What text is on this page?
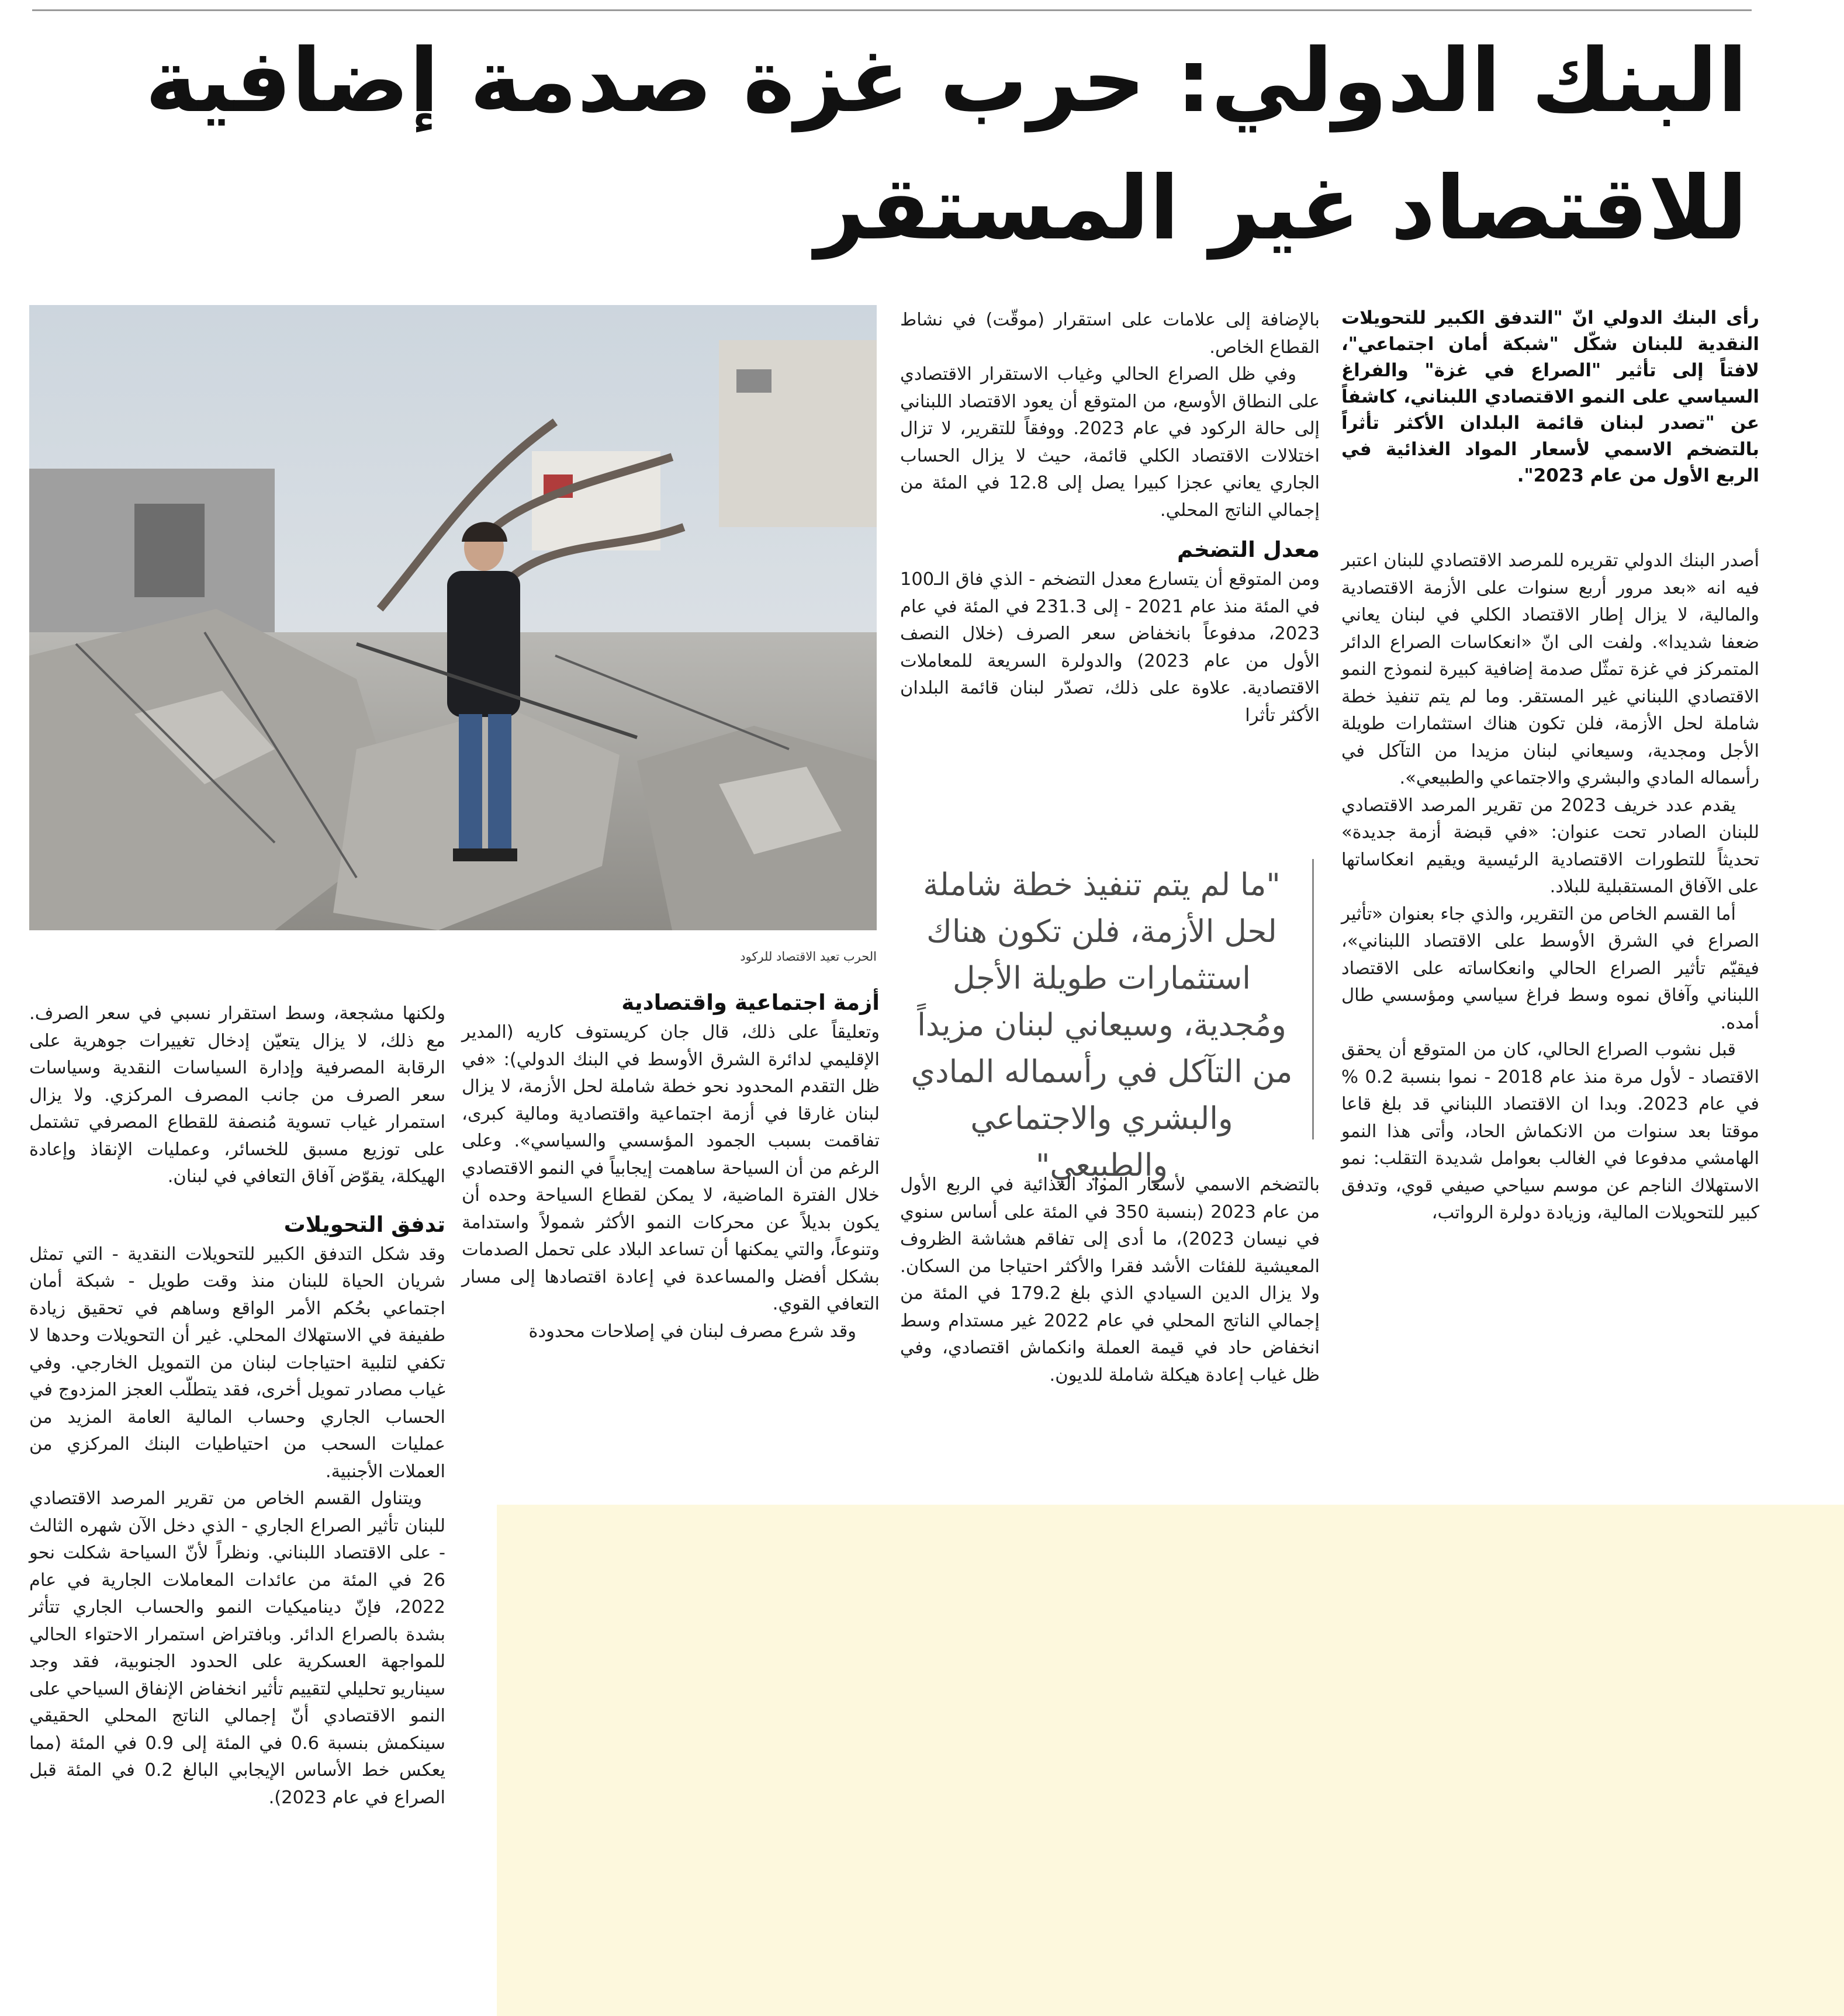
البنك الدولي: حرب غزة صدمة إضافية للاقتصاد غير المستقر

رأى البنك الدولي انّ "التدفق الكبير للتحويلات النقدية للبنان شكّل "شبكة أمان اجتماعي"، لافتاً إلى تأثير "الصراع في غزة" والفراغ السياسي على النمو الاقتصادي اللبناني، كاشفاً عن "تصدر لبنان قائمة البلدان الأكثر تأثراً بالتضخم الاسمي لأسعار المواد الغذائية في الربع الأول من عام 2023".

أصدر البنك الدولي تقريره للمرصد الاقتصادي للبنان اعتبر فيه انه «بعد مرور أربع سنوات على الأزمة الاقتصادية والمالية، لا يزال إطار الاقتصاد الكلي في لبنان يعاني ضعفا شديدا». ولفت الى انّ «انعكاسات الصراع الدائر المتمركز في غزة تمثّل صدمة إضافية كبيرة لنموذج النمو الاقتصادي اللبناني غير المستقر. وما لم يتم تنفيذ خطة شاملة لحل الأزمة، فلن تكون هناك استثمارات طويلة الأجل ومجدية، وسيعاني لبنان مزيدا من التآكل في رأسماله المادي والبشري والاجتماعي والطبيعي».

يقدم عدد خريف 2023 من تقرير المرصد الاقتصادي للبنان الصادر تحت عنوان: «في قبضة أزمة جديدة» تحديثاً للتطورات الاقتصادية الرئيسية ويقيم انعكاساتها على الآفاق المستقبلية للبلاد.

أما القسم الخاص من التقرير، والذي جاء بعنوان «تأثير الصراع في الشرق الأوسط على الاقتصاد اللبناني»، فيقيّم تأثير الصراع الحالي وانعكاساته على الاقتصاد اللبناني وآفاق نموه وسط فراغ سياسي ومؤسسي طال أمده.

قبل نشوب الصراع الحالي، كان من المتوقع أن يحقق الاقتصاد - لأول مرة منذ عام 2018 - نموا بنسبة 0.2 % في عام 2023. وبدا ان الاقتصاد اللبناني قد بلغ قاعا موقتا بعد سنوات من الانكماش الحاد، وأتى هذا النمو الهامشي مدفوعا في الغالب بعوامل شديدة التقلب: نمو الاستهلاك الناجم عن موسم سياحي صيفي قوي، وتدفق كبير للتحويلات المالية، وزيادة دولرة الرواتب،

بالإضافة إلى علامات على استقرار (موقّت) في نشاط القطاع الخاص.

وفي ظل الصراع الحالي وغياب الاستقرار الاقتصادي على النطاق الأوسع، من المتوقع أن يعود الاقتصاد اللبناني إلى حالة الركود في عام 2023. ووفقاً للتقرير، لا تزال اختلالات الاقتصاد الكلي قائمة، حيث لا يزال الحساب الجاري يعاني عجزا كبيرا يصل إلى 12.8 في المئة من إجمالي الناتج المحلي.

معدل التضخم

ومن المتوقع أن يتسارع معدل التضخم - الذي فاق الـ100 في المئة منذ عام 2021 - إلى 231.3 في المئة في عام 2023، مدفوعاً بانخفاض سعر الصرف (خلال النصف الأول من عام 2023) والدولرة السريعة للمعاملات الاقتصادية. علاوة على ذلك، تصدّر لبنان قائمة البلدان الأكثر تأثرا

"ما لم يتم تنفيذ خطة شاملة لحل الأزمة، فلن تكون هناك استثمارات طويلة الأجل ومُجدية، وسيعاني لبنان مزيداً من التآكل في رأسماله المادي والبشري والاجتماعي والطبيعي"

بالتضخم الاسمي لأسعار المواد الغذائية في الربع الأول من عام 2023 (بنسبة 350 في المئة على أساس سنوي في نيسان 2023)، ما أدى إلى تفاقم هشاشة الظروف المعيشية للفئات الأشد فقرا والأكثر احتياجا من السكان. ولا يزال الدين السيادي الذي بلغ 179.2 في المئة من إجمالي الناتج المحلي في عام 2022 غير مستدام وسط انخفاض حاد في قيمة العملة وانكماش اقتصادي، وفي ظل غياب إعادة هيكلة شاملة للديون.

الحرب تعيد الاقتصاد للركود

أزمة اجتماعية واقتصادية

وتعليقاً على ذلك، قال جان كريستوف كاريه (المدير الإقليمي لدائرة الشرق الأوسط في البنك الدولي): «في ظل التقدم المحدود نحو خطة شاملة لحل الأزمة، لا يزال لبنان غارقا في أزمة اجتماعية واقتصادية ومالية كبرى، تفاقمت بسبب الجمود المؤسسي والسياسي». وعلى الرغم من أن السياحة ساهمت إيجابياً في النمو الاقتصادي خلال الفترة الماضية، لا يمكن لقطاع السياحة وحده أن يكون بديلاً عن محركات النمو الأكثر شمولاً واستدامة وتنوعاً، والتي يمكنها أن تساعد البلاد على تحمل الصدمات بشكل أفضل والمساعدة في إعادة اقتصادها إلى مسار التعافي القوي.

وقد شرع مصرف لبنان في إصلاحات محدودة

ولكنها مشجعة، وسط استقرار نسبي في سعر الصرف. مع ذلك، لا يزال يتعيّن إدخال تغييرات جوهرية على الرقابة المصرفية وإدارة السياسات النقدية وسياسات سعر الصرف من جانب المصرف المركزي. ولا يزال استمرار غياب تسوية مُنصفة للقطاع المصرفي تشتمل على توزيع مسبق للخسائر، وعمليات الإنقاذ وإعادة الهيكلة، يقوّض آفاق التعافي في لبنان.

تدفق التحويلات

وقد شكل التدفق الكبير للتحويلات النقدية - التي تمثل شريان الحياة للبنان منذ وقت طويل - شبكة أمان اجتماعي بحُكم الأمر الواقع وساهم في تحقيق زيادة طفيفة في الاستهلاك المحلي. غير أن التحويلات وحدها لا تكفي لتلبية احتياجات لبنان من التمويل الخارجي. وفي غياب مصادر تمويل أخرى، فقد يتطلّب العجز المزدوج في الحساب الجاري وحساب المالية العامة المزيد من عمليات السحب من احتياطيات البنك المركزي من العملات الأجنبية.

ويتناول القسم الخاص من تقرير المرصد الاقتصادي للبنان تأثير الصراع الجاري - الذي دخل الآن شهره الثالث - على الاقتصاد اللبناني. ونظراً لأنّ السياحة شكلت نحو 26 في المئة من عائدات المعاملات الجارية في عام 2022، فإنّ ديناميكيات النمو والحساب الجاري تتأثر بشدة بالصراع الدائر. وبافتراض استمرار الاحتواء الحالي للمواجهة العسكرية على الحدود الجنوبية، فقد وجد سيناريو تحليلي لتقييم تأثير انخفاض الإنفاق السياحي على النمو الاقتصادي أنّ إجمالي الناتج المحلي الحقيقي سينكمش بنسبة 0.6 في المئة إلى 0.9 في المئة (مما يعكس خط الأساس الإيجابي البالغ 0.2 في المئة قبل الصراع في عام 2023).
